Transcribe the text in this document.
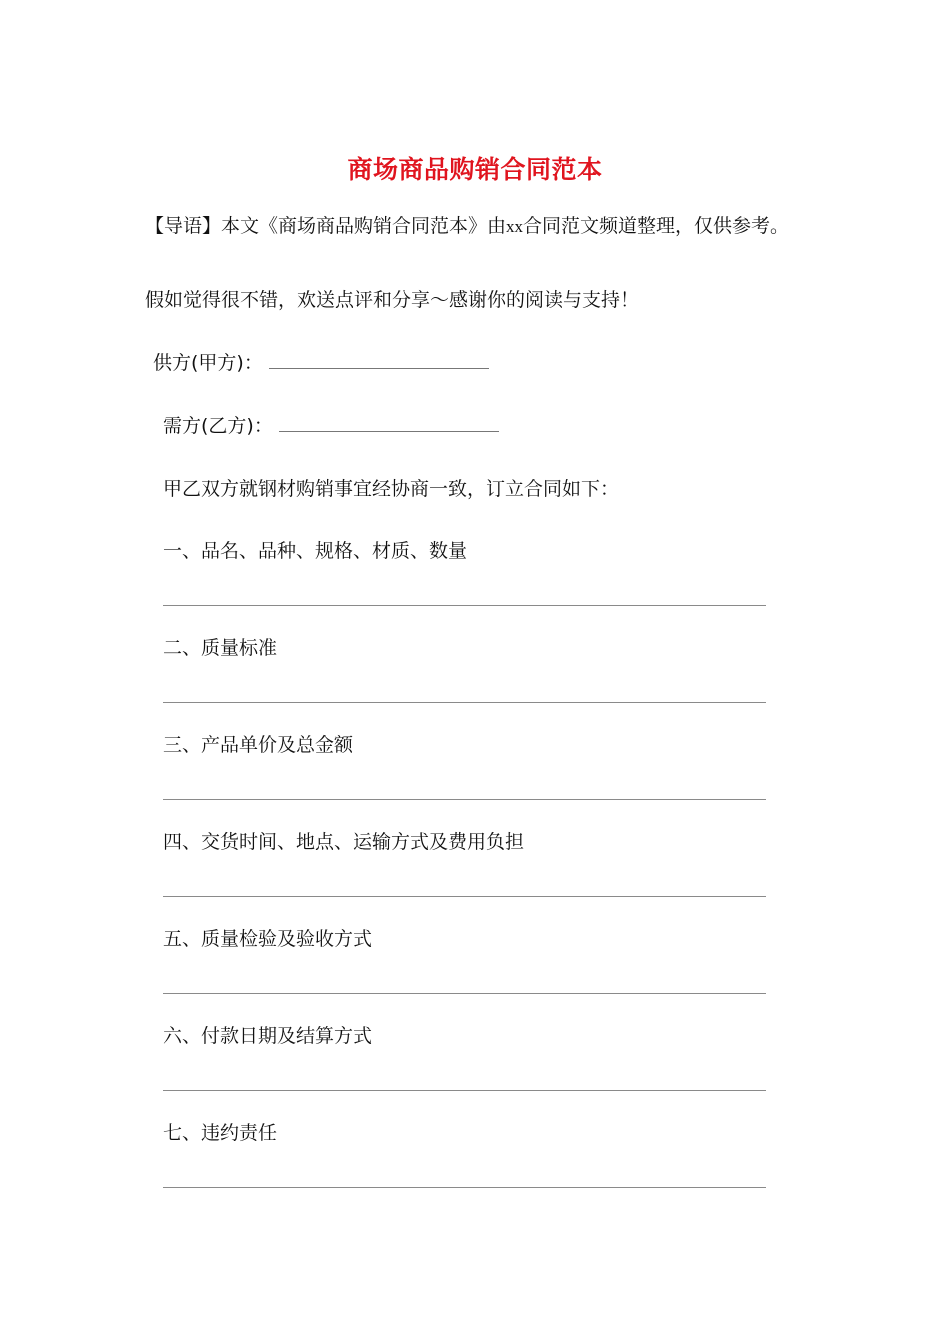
商场商品购销合同范本
【导语】本文《商场商品购销合同范本》由xx合同范文频道整理，仅供参考。
假如觉得很不错，欢送点评和分享～感谢你的阅读与支持！
供方(甲方)：
需方(乙方)：
甲乙双方就钢材购销事宜经协商一致，订立合同如下：
一、品名、品种、规格、材质、数量
二、质量标准
三、产品单价及总金额
四、交货时间、地点、运输方式及费用负担
五、质量检验及验收方式
六、付款日期及结算方式
七、违约责任
